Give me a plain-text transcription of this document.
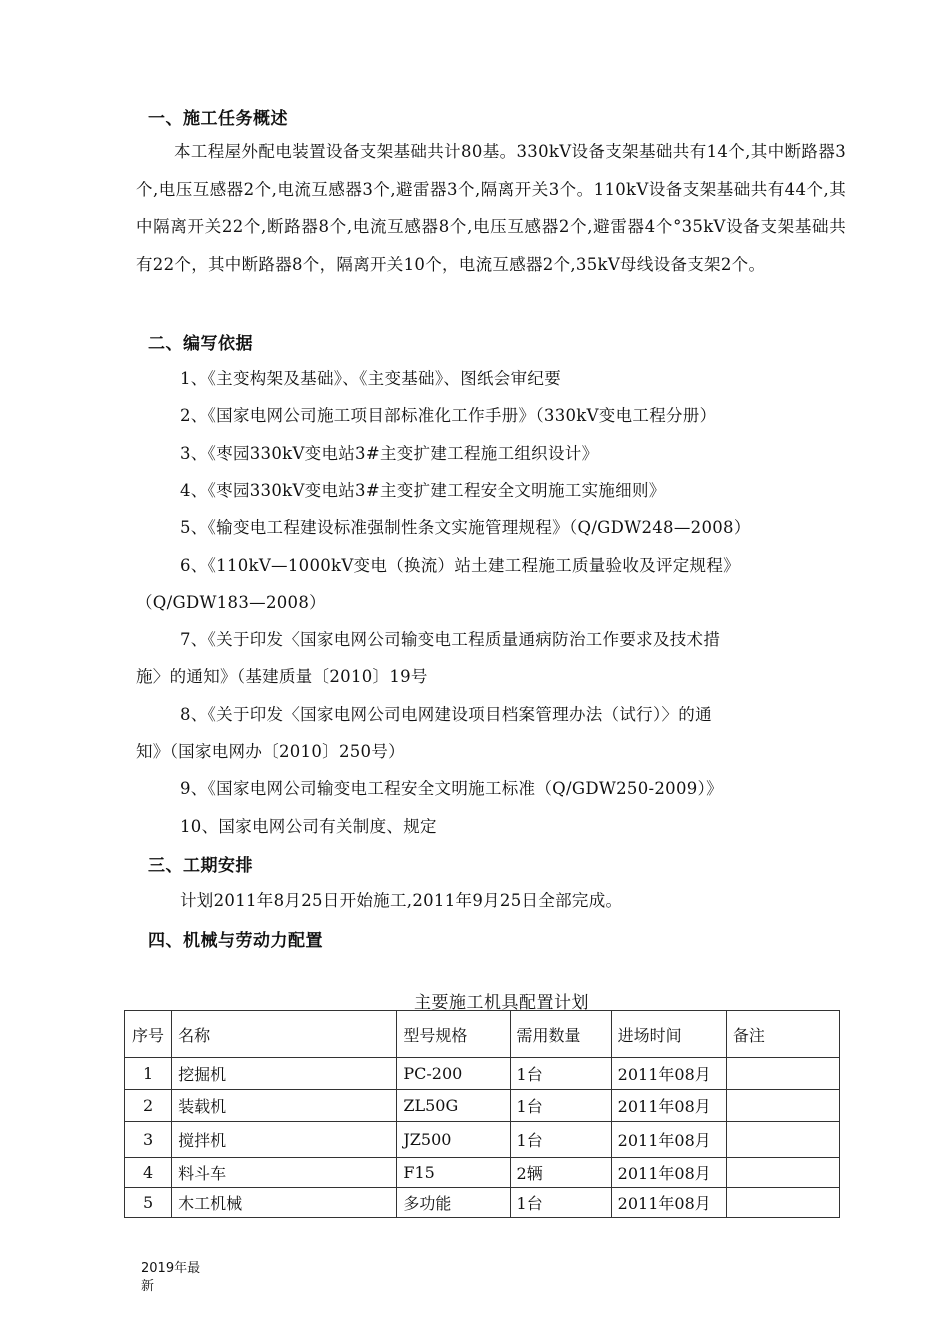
一、施工任务概述
本工程屋外配电装置设备支架基础共计80基。330kV设备支架基础共有14个,其中断路器3个,电压互感器2个,电流互感器3个,避雷器3个,隔离开关3个。110kV设备支架基础共有44个,其中隔离开关22个,断路器8个,电流互感器8个,电压互感器2个,避雷器4个°35kV设备支架基础共有22个，其中断路器8个，隔离开关10个，电流互感器2个,35kV母线设备支架2个。
二、编写依据
1、《主变构架及基础》、《主变基础》、图纸会审纪要
2、《国家电网公司施工项目部标准化工作手册》（330kV变电工程分册）
3、《枣园330kV变电站3#主变扩建工程施工组织设计》
4、《枣园330kV变电站3#主变扩建工程安全文明施工实施细则》
5、《输变电工程建设标准强制性条文实施管理规程》（Q/GDW248—2008）
6、《110kV—1000kV变电（换流）站土建工程施工质量验收及评定规程》
（Q/GDW183—2008）
7、《关于印发〈国家电网公司输变电工程质量通病防治工作要求及技术措
施〉的通知》（基建质量〔2010〕19号
8、《关于印发〈国家电网公司电网建设项目档案管理办法（试行）〉的通
知》（国家电网办〔2010〕250号）
9、《国家电网公司输变电工程安全文明施工标准（Q/GDW250-2009）》
10、国家电网公司有关制度、规定
三、工期安排
计划2011年8月25日开始施工,2011年9月25日全部完成。
四、机械与劳动力配置
主要施工机具配置计划
序号	名称	型号规格	需用数量	进场时间	备注
1	挖掘机	PC-200	1台	2011年08月	
2	装载机	ZL50G	1台	2011年08月	
3	搅拌机	JZ500	1台	2011年08月	
4	料斗车	F15	2辆	2011年08月	
5	木工机械	多功能	1台	2011年08月	
2019年最新
